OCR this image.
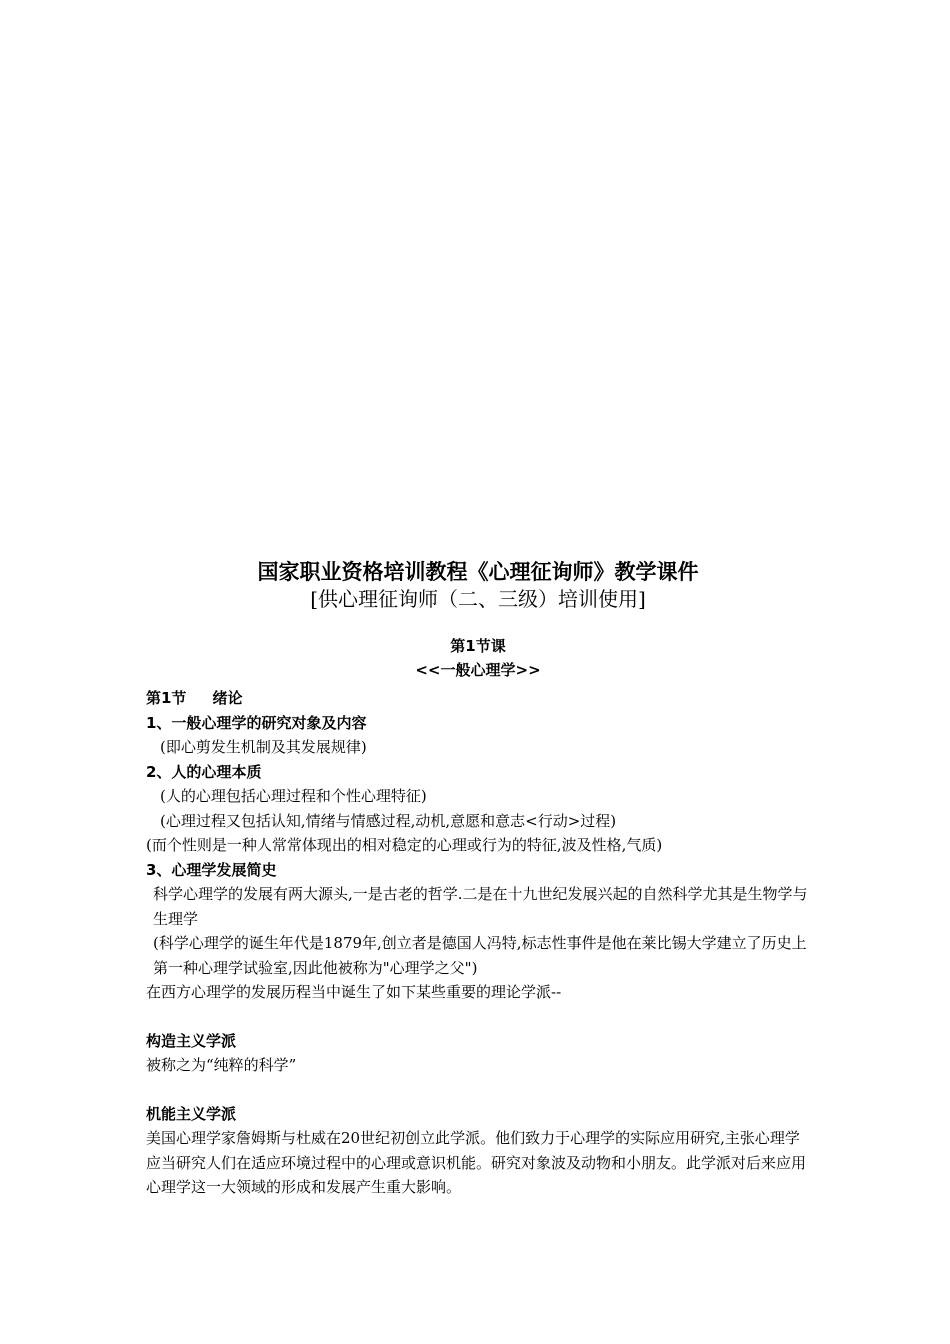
国家职业资格培训教程《心理征询师》教学课件

[供心理征询师（二、三级）培训使用]

第1节课

<<一般心理学>>

第1节 绪论

1、一般心理学的研究对象及内容

(即心剪发生机制及其发展规律)

2、人的心理本质

(人的心理包括心理过程和个性心理特征)

(心理过程又包括认知,情绪与情感过程,动机,意愿和意志<行动>过程)

(而个性则是一种人常常体现出的相对稳定的心理或行为的特征,波及性格,气质)

3、心理学发展简史

科学心理学的发展有两大源头,一是古老的哲学.二是在十九世纪发展兴起的自然科学尤其是生物学与生理学

(科学心理学的诞生年代是1879年,创立者是德国人冯特,标志性事件是他在莱比锡大学建立了历史上第一种心理学试验室,因此他被称为"心理学之父")

在西方心理学的发展历程当中诞生了如下某些重要的理论学派--

构造主义学派

被称之为“纯粹的科学”

机能主义学派

美国心理学家詹姆斯与杜威在20世纪初创立此学派。他们致力于心理学的实际应用研究,主张心理学应当研究人们在适应环境过程中的心理或意识机能。研究对象波及动物和小朋友。此学派对后来应用心理学这一大领域的形成和发展产生重大影响。
